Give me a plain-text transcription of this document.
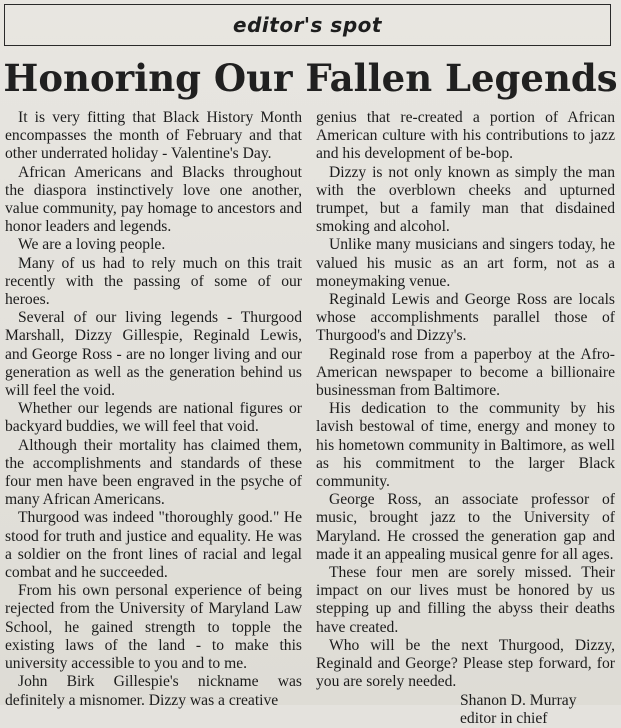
editor's spot
Honoring Our Fallen Legends

It is very fitting that Black History Month encompasses the month of February and that other underrated holiday - Valentine's Day.

African Americans and Blacks throughout the diaspora instinctively love one another, value community, pay homage to ancestors and honor leaders and legends.

We are a loving people.

Many of us had to rely much on this trait recently with the passing of some of our heroes.

Several of our living legends - Thurgood Marshall, Dizzy Gillespie, Reginald Lewis, and George Ross - are no longer living and our generation as well as the generation behind us will feel the void.

Whether our legends are national figures or backyard buddies, we will feel that void.

Although their mortality has claimed them, the accomplishments and standards of these four men have been engraved in the psyche of many African Americans.

Thurgood was indeed "thoroughly good." He stood for truth and justice and equality. He was a soldier on the front lines of racial and legal combat and he succeeded.

From his own personal experience of being rejected from the University of Maryland Law School, he gained strength to topple the existing laws of the land - to make this university accessible to you and to me.

John Birk Gillespie's nickname was definitely a misnomer. Dizzy was a creative

genius that re-created a portion of African American culture with his contributions to jazz and his development of be-bop.

Dizzy is not only known as simply the man with the overblown cheeks and upturned trumpet, but a family man that disdained smoking and alcohol.

Unlike many musicians and singers today, he valued his music as an art form, not as a moneymaking venue.

Reginald Lewis and George Ross are locals whose accomplishments parallel those of Thurgood's and Dizzy's.

Reginald rose from a paperboy at the Afro-American newspaper to become a billionaire businessman from Baltimore.

His dedication to the community by his lavish bestowal of time, energy and money to his hometown community in Baltimore, as well as his commitment to the larger Black community.

George Ross, an associate professor of music, brought jazz to the University of Maryland. He crossed the generation gap and made it an appealing musical genre for all ages.

These four men are sorely missed. Their impact on our lives must be honored by us stepping up and filling the abyss their deaths have created.

Who will be the next Thurgood, Dizzy, Reginald and George? Please step forward, for you are sorely needed.

Shanon D. Murray
editor in chief
